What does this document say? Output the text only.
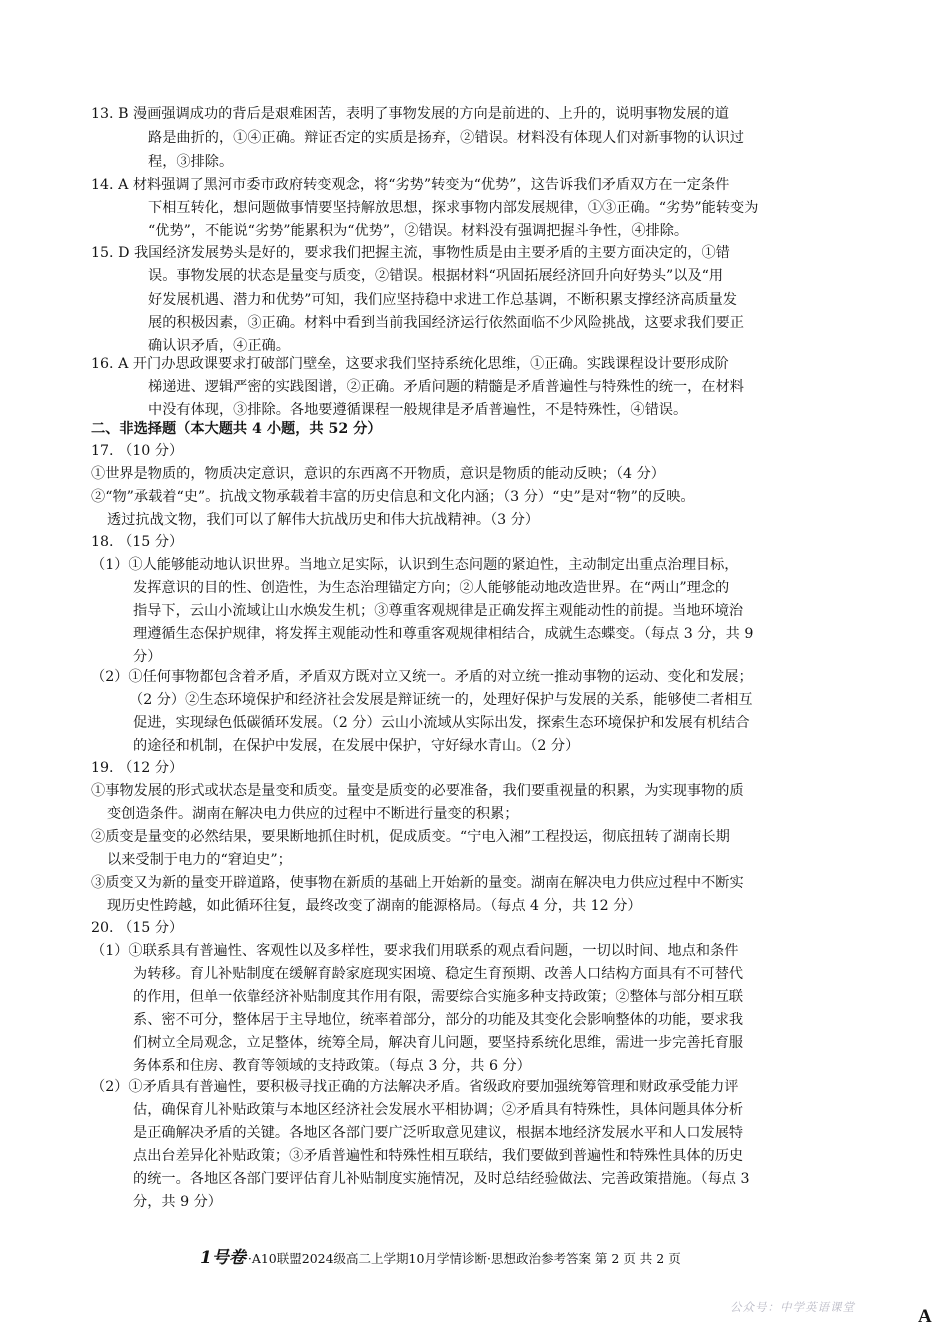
13. B 漫画强调成功的背后是艰难困苦，表明了事物发展的方向是前进的、上升的，说明事物发展的道
路是曲折的，①④正确。辩证否定的实质是扬弃，②错误。材料没有体现人们对新事物的认识过
程，③排除。
14. A 材料强调了黑河市委市政府转变观念，将“劣势”转变为“优势”，这告诉我们矛盾双方在一定条件
下相互转化，想问题做事情要坚持解放思想，探求事物内部发展规律，①③正确。“劣势”能转变为
“优势”，不能说“劣势”能累积为“优势”，②错误。材料没有强调把握斗争性，④排除。
15. D 我国经济发展势头是好的，要求我们把握主流，事物性质是由主要矛盾的主要方面决定的，①错
误。事物发展的状态是量变与质变，②错误。根据材料“巩固拓展经济回升向好势头”以及“用
好发展机遇、潜力和优势”可知，我们应坚持稳中求进工作总基调，不断积累支撑经济高质量发
展的积极因素，③正确。材料中看到当前我国经济运行依然面临不少风险挑战，这要求我们要正
确认识矛盾，④正确。
16. A 开门办思政课要求打破部门壁垒，这要求我们坚持系统化思维，①正确。实践课程设计要形成阶
梯递进、逻辑严密的实践图谱，②正确。矛盾问题的精髓是矛盾普遍性与特殊性的统一，在材料
中没有体现，③排除。各地要遵循课程一般规律是矛盾普遍性，不是特殊性，④错误。
二、非选择题（本大题共 4 小题，共 52 分）
17. （10 分）
①世界是物质的，物质决定意识，意识的东西离不开物质，意识是物质的能动反映；（4 分）
②“物”承载着“史”。抗战文物承载着丰富的历史信息和文化内涵；（3 分）“史”是对“物”的反映。
透过抗战文物，我们可以了解伟大抗战历史和伟大抗战精神。（3 分）
18. （15 分）
（1）①人能够能动地认识世界。当地立足实际，认识到生态问题的紧迫性，主动制定出重点治理目标，
发挥意识的目的性、创造性，为生态治理锚定方向；②人能够能动地改造世界。在“两山”理念的
指导下，云山小流域让山水焕发生机；③尊重客观规律是正确发挥主观能动性的前提。当地环境治
理遵循生态保护规律，将发挥主观能动性和尊重客观规律相结合，成就生态蝶变。（每点 3 分，共 9
分）
（2）①任何事物都包含着矛盾，矛盾双方既对立又统一。矛盾的对立统一推动事物的运动、变化和发展；
（2 分）②生态环境保护和经济社会发展是辩证统一的，处理好保护与发展的关系，能够使二者相互
促进，实现绿色低碳循环发展。（2 分）云山小流域从实际出发，探索生态环境保护和发展有机结合
的途径和机制，在保护中发展，在发展中保护，守好绿水青山。（2 分）
19. （12 分）
①事物发展的形式或状态是量变和质变。量变是质变的必要准备，我们要重视量的积累，为实现事物的质
变创造条件。湖南在解决电力供应的过程中不断进行量变的积累；
②质变是量变的必然结果，要果断地抓住时机，促成质变。“宁电入湘”工程投运，彻底扭转了湖南长期
以来受制于电力的“窘迫史”；
③质变又为新的量变开辟道路，使事物在新质的基础上开始新的量变。湖南在解决电力供应过程中不断实
现历史性跨越，如此循环往复，最终改变了湖南的能源格局。（每点 4 分，共 12 分）
20. （15 分）
（1）①联系具有普遍性、客观性以及多样性，要求我们用联系的观点看问题，一切以时间、地点和条件
为转移。育儿补贴制度在缓解育龄家庭现实困境、稳定生育预期、改善人口结构方面具有不可替代
的作用，但单一依靠经济补贴制度其作用有限，需要综合实施多种支持政策；②整体与部分相互联
系、密不可分，整体居于主导地位，统率着部分，部分的功能及其变化会影响整体的功能，要求我
们树立全局观念，立足整体，统筹全局，解决育儿问题，要坚持系统化思维，需进一步完善托育服
务体系和住房、教育等领域的支持政策。（每点 3 分，共 6 分）
（2）①矛盾具有普遍性，要积极寻找正确的方法解决矛盾。省级政府要加强统筹管理和财政承受能力评
估，确保育儿补贴政策与本地区经济社会发展水平相协调；②矛盾具有特殊性，具体问题具体分析
是正确解决矛盾的关键。各地区各部门要广泛听取意见建议，根据本地经济发展水平和人口发展特
点出台差异化补贴政策；③矛盾普遍性和特殊性相互联结，我们要做到普遍性和特殊性具体的历史
的统一。各地区各部门要评估育儿补贴制度实施情况，及时总结经验做法、完善政策措施。（每点 3
分，共 9 分）
1号卷 ·A10联盟2024级高二上学期10月学情诊断·思想政治参考答案 第 2 页 共 2 页
公众号：中学英语课堂	A
